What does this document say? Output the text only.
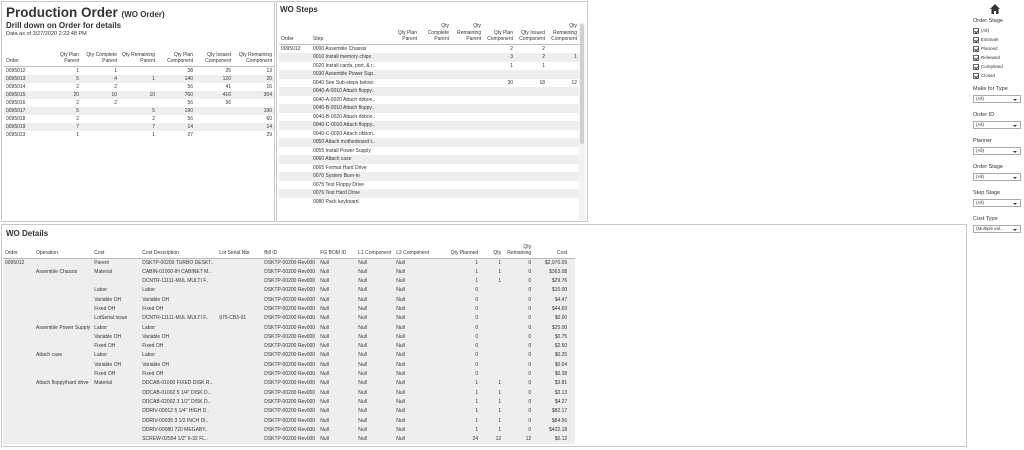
Production Order (WO Order)
Drill down on Order for details
Data as of 3/27/2020 2:22:48 PM
Order	Qty Plan Parent	Qty Complete Parent	Qty Remaining Parent	Qty Plan Component	Qty Issued Component	Qty Remaining Component
0095012	1	1		38	25	13
0095013	5	4	1	140	120	20
0095014	2	2		56	41	16
0095015	20	10	10	760	416	354
0095016	2	2		56	56	
0095017	5		5	190		190
0095018	2		2	56		60
0095019	7		7	14		14
0095023	1		1	27		29
WO Steps
Order	Step	Qty Plan Parent	Qty Complete Parent	Qty Remaining Parent	Qty Plan Component	Qty Issued Component	Qty Remaining Component
0095012	0000 Assemble Chassis				2	2	
	0010 Install memory chips				3	2	1
	0020 Install cards, port, & r..				1	1	
	0030 Assemble Power Sup..						
	0040 See Sub-steps below:				30	18	12
	0040-A-0010 Attach floppy..						
	0040-A-0020 Attach ribbon..						
	0040-B-0010 Attach floppy..						
	0040-B-0020 Attach ribbon..						
	0040-C-0010 Attach floppy..						
	0040-C-0020 Attach ribbon..						
	0050 Attach motherboard t..						
	0055 Install Power Supply						
	0060 Attach case						
	0065 Format Hard Drive						
	0070 System Burn-in						
	0075 Test Floppy Drive						
	0076 Test Hard Drive						
	0080 Pack keyboard						
WO Details
Order	Operation	Cost	Cost Description	Lot Serial Nbr	Bill ID	FG BOM ID	L1 Component	L2 Component	Qty Planned	Qty	Qty Remaining	Cost	
0095012		Parent	DSKTP-00200 TURBO DESKT..		DSKTP-00200 Rev000	Null	Null	Null	1	1	0	$2,970.09	
	Assemble Chassis	Material	CABIN-01000-IH CABINET M..		DSKTP-00200 Rev000	Null	Null	Null	1	1	0	$363.08	
			DCNTR-11111-MUL MULTI F..		DSKTP-00200 Rev000	Null	Null	Null	1	1	0	$29.76	
		Labor	Labor		DSKTP-00200 Rev000	Null	Null	Null	0		0	$10.00	
		Variable OH	Variable OH		DSKTP-00200 Rev000	Null	Null	Null	0		0	$4.47	
		Fixed OH	Fixed OH		DSKTP-00200 Rev000	Null	Null	Null	0		0	$44.69	
		LotSerial Issue	DCNTR-11111-MUL MULTI F..	975-CB3-01	DSKTP-00200 Rev000	Null	Null	Null	0		0	$0.00	
	Assemble Power Supply	Labor	Labor		DSKTP-00200 Rev000	Null	Null	Null	0		0	$25.00	
		Variable OH	Variable OH		DSKTP-00200 Rev000	Null	Null	Null	0		0	$0.75	
		Fixed OH	Fixed OH		DSKTP-00200 Rev000	Null	Null	Null	0		0	$2.50	
	Attach case	Labor	Labor		DSKTP-00200 Rev000	Null	Null	Null	0		0	$0.25	
		Variable OH	Variable OH		DSKTP-00200 Rev000	Null	Null	Null	0		0	$0.04	
		Fixed OH	Fixed OH		DSKTP-00200 Rev000	Null	Null	Null	0		0	$0.38	
	Attach floppy/hard drive	Material	DDCAB-01000 FIXED DISK R..		DSKTP-00200 Rev000	Null	Null	Null	1	1	0	$3.81	
			DDCAB-01002 5 1/4" DISK D..		DSKTP-00200 Rev000	Null	Null	Null	1	1	0	$3.13	
			DDCAB-02002 3 1/2" DISK D..		DSKTP-00200 Rev000	Null	Null	Null	1	1	0	$4.27	
			DDRIV-00012 5 1/4" HIGH D..		DSKTP-00200 Rev000	Null	Null	Null	1	1	0	$82.17	
			DDRIV-00035 3 1/2 INCH DI..		DSKTP-00200 Rev000	Null	Null	Null	1	1	0	$84.56	
			DDRIV-00080 720 MEGABY..		DSKTP-00200 Rev000	Null	Null	Null	1	1	0	$432.18	
			SCREW-02554 1/2" 6-32 FL..		DSKTP-00200 Rev000	Null	Null	Null	24	12	12	$0.12	
Order Stage
(All)
Estimate
Planned
Released
Completed
Closed
Make for Type
(All)
Order ID
(All)
Planner
(All)
Order Stage
(All)
Step Stage
(All)
Cost Type
(Multiple val...
